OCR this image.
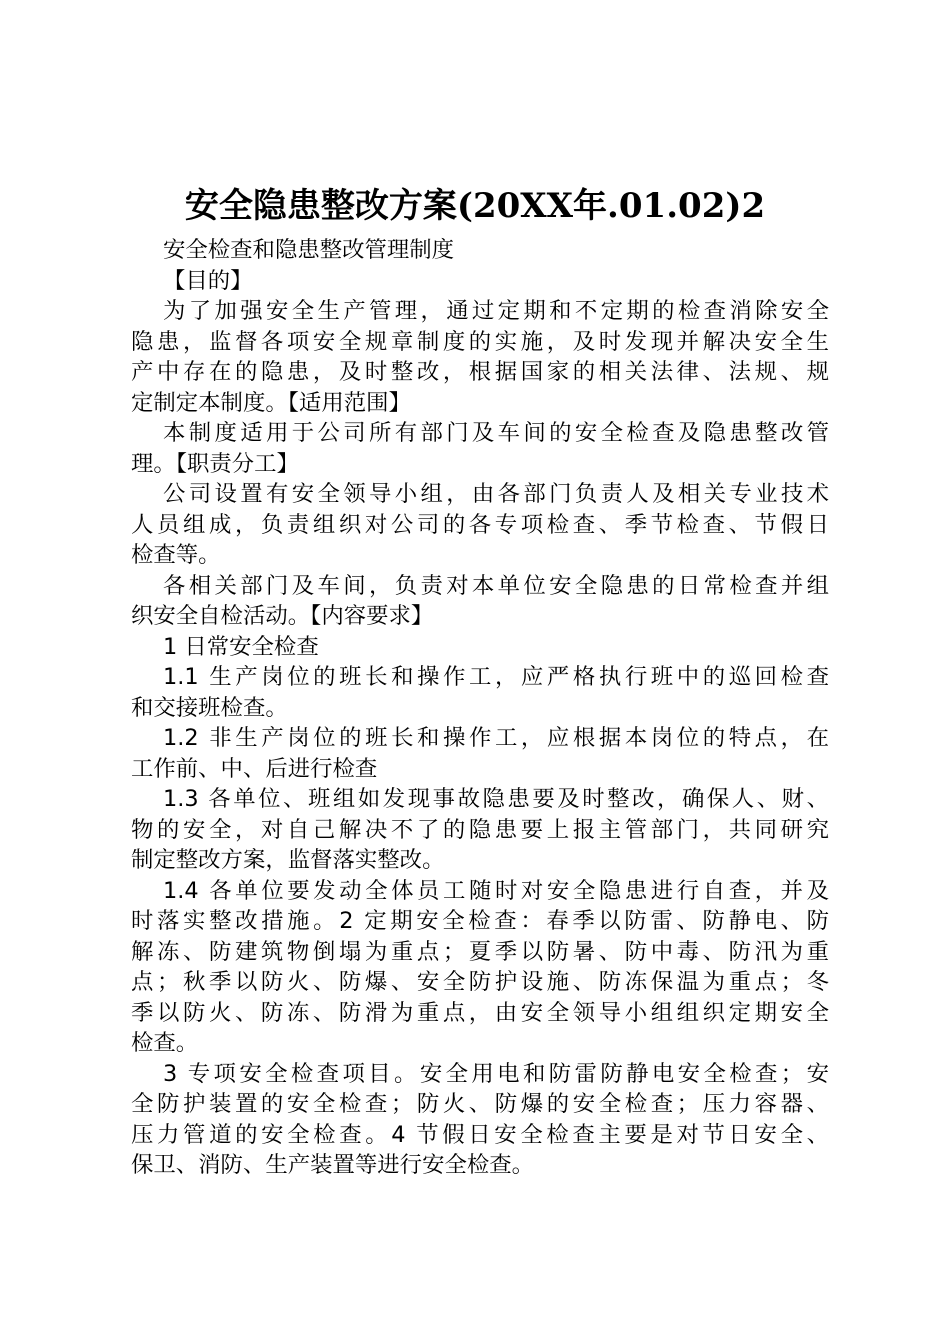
安全隐患整改方案(20XX年.01.02)2
安全检查和隐患整改管理制度
【目的】
为了加强安全生产管理，通过定期和不定期的检查消除安全
隐患，监督各项安全规章制度的实施，及时发现并解决安全生
产中存在的隐患，及时整改，根据国家的相关法律、法规、规
定制定本制度。【适用范围】
本制度适用于公司所有部门及车间的安全检查及隐患整改管
理。【职责分工】
公司设置有安全领导小组，由各部门负责人及相关专业技术
人员组成，负责组织对公司的各专项检查、季节检查、节假日
检查等。
各相关部门及车间，负责对本单位安全隐患的日常检查并组
织安全自检活动。【内容要求】
1 日常安全检查
1.1 生产岗位的班长和操作工，应严格执行班中的巡回检查
和交接班检查。
1.2 非生产岗位的班长和操作工，应根据本岗位的特点，在
工作前、中、后进行检查
1.3 各单位、班组如发现事故隐患要及时整改，确保人、财、
物的安全，对自己解决不了的隐患要上报主管部门，共同研究
制定整改方案，监督落实整改。
1.4 各单位要发动全体员工随时对安全隐患进行自查，并及
时落实整改措施。2 定期安全检查：春季以防雷、防静电、防
解冻、防建筑物倒塌为重点；夏季以防暑、防中毒、防汛为重
点；秋季以防火、防爆、安全防护设施、防冻保温为重点；冬
季以防火、防冻、防滑为重点，由安全领导小组组织定期安全
检查。
3 专项安全检查项目。安全用电和防雷防静电安全检查；安
全防护装置的安全检查；防火、防爆的安全检查；压力容器、
压力管道的安全检查。4 节假日安全检查主要是对节日安全、
保卫、消防、生产装置等进行安全检查。
